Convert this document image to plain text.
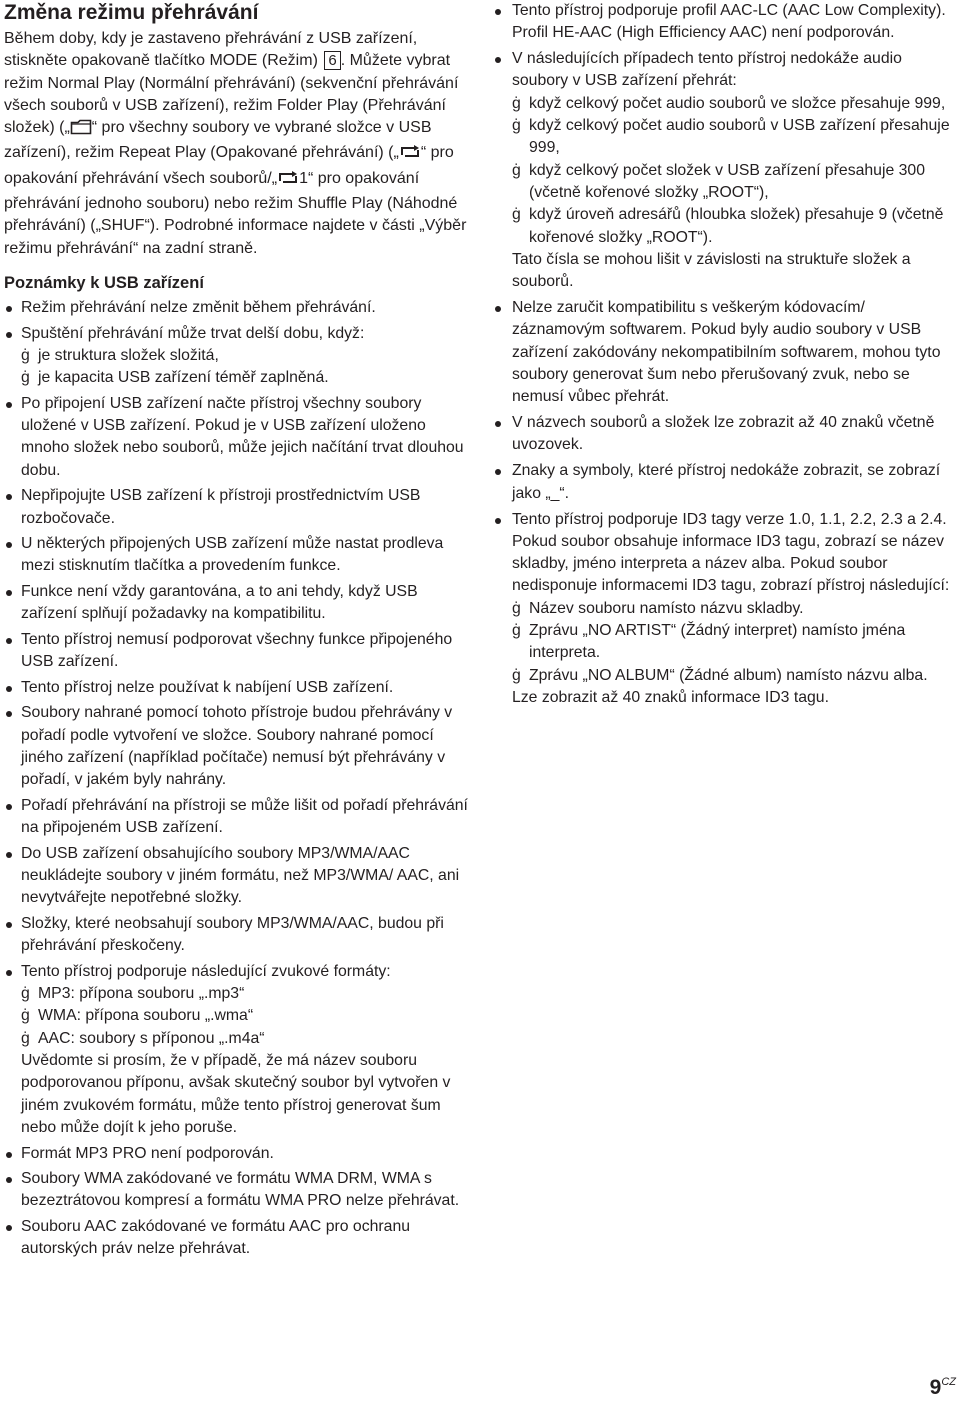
Změna režimu přehrávání
Během doby, kdy je zastaveno přehrávání z USB zařízení, stiskněte opakovaně tlačítko MODE (Režim) 6 . Můžete vybrat režim Normal Play (Normální přehrávání) (sekvenční přehrávání všech souborů v USB zařízení), režim Folder Play (Přehrávání složek) („ “ pro všechny soubory ve vybrané složce v USB zařízení), režim Repeat Play (Opakované přehrávání) („ “ pro opakování přehrávání všech souborů/„ 1“ pro opakování přehrávání jednoho souboru) nebo režim Shuffle Play (Náhodné přehrávání) („SHUF“). Podrobné informace najdete v části „Výběr režimu přehrávání“ na zadní straně.
Poznámky k USB zařízení
Režim přehrávání nelze změnit během přehrávání.
Spuštění přehrávání může trvat delší dobu, když:
ġ je struktura složek složitá,
ġ je kapacita USB zařízení téměř zaplněná.
Po připojení USB zařízení načte přístroj všechny soubory uložené v USB zařízení. Pokud je v USB zařízení uloženo mnoho složek nebo souborů, může jejich načítání trvat dlouhou dobu.
Nepřipojujte USB zařízení k přístroji prostřednictvím USB rozbočovače.
U některých připojených USB zařízení může nastat prodleva mezi stisknutím tlačítka a provedením funkce.
Funkce není vždy garantována, a to ani tehdy, když USB zařízení splňují požadavky na kompatibilitu.
Tento přístroj nemusí podporovat všechny funkce připojeného USB zařízení.
Tento přístroj nelze používat k nabíjení USB zařízení.
Soubory nahrané pomocí tohoto přístroje budou přehrávány v pořadí podle vytvoření ve složce. Soubory nahrané pomocí jiného zařízení (například počítače) nemusí být přehrávány v pořadí, v jakém byly nahrány.
Pořadí přehrávání na přístroji se může lišit od pořadí přehrávání na připojeném USB zařízení.
Do USB zařízení obsahujícího soubory MP3/WMA/AAC neukládejte soubory v jiném formátu, než MP3/WMA/ AAC, ani nevytvářejte nepotřebné složky.
Složky, které neobsahují soubory MP3/WMA/AAC, budou při přehrávání přeskočeny.
Tento přístroj podporuje následující zvukové formáty:
ġ MP3: přípona souboru „.mp3“
ġ WMA: přípona souboru „.wma“
ġ AAC: soubory s příponou „.m4a“
Uvědomte si prosím, že v případě, že má název souboru podporovanou příponu, avšak skutečný soubor byl vytvořen v jiném zvukovém formátu, může tento přístroj generovat šum nebo může dojít k jeho poruše.
Formát MP3 PRO není podporován.
Soubory WMA zakódované ve formátu WMA DRM, WMA s bezeztrátovou kompresí a formátu WMA PRO nelze přehrávat.
Souboru AAC zakódované ve formátu AAC pro ochranu autorských práv nelze přehrávat.
Tento přístroj podporuje profil AAC-LC (AAC Low Complexity). Profil HE-AAC (High Efficiency AAC) není podporován.
V následujících případech tento přístroj nedokáže audio soubory v USB zařízení přehrát:
ġ když celkový počet audio souborů ve složce přesahuje 999,
ġ když celkový počet audio souborů v USB zařízení přesahuje 999,
ġ když celkový počet složek v USB zařízení přesahuje 300 (včetně kořenové složky „ROOT“),
ġ když úroveň adresářů (hloubka složek) přesahuje 9 (včetně kořenové složky „ROOT“).
Tato čísla se mohou lišit v závislosti na struktuře složek a souborů.
Nelze zaručit kompatibilitu s veškerým kódovacím/ záznamovým softwarem. Pokud byly audio soubory v USB zařízení zakódovány nekompatibilním softwarem, mohou tyto soubory generovat šum nebo přerušovaný zvuk, nebo se nemusí vůbec přehrát.
V názvech souborů a složek lze zobrazit až 40 znaků včetně uvozovek.
Znaky a symboly, které přístroj nedokáže zobrazit, se zobrazí jako „_“.
Tento přístroj podporuje ID3 tagy verze 1.0, 1.1, 2.2, 2.3 a 2.4. Pokud soubor obsahuje informace ID3 tagu, zobrazí se název skladby, jméno interpreta a název alba. Pokud soubor nedisponuje informacemi ID3 tagu, zobrazí přístroj následující:
ġ Název souboru namísto názvu skladby.
ġ Zprávu „NO ARTIST“ (Žádný interpret) namísto jména interpreta.
ġ Zprávu „NO ALBUM“ (Žádné album) namísto názvu alba.
Lze zobrazit až 40 znaků informace ID3 tagu.
$9^{CZ}$
